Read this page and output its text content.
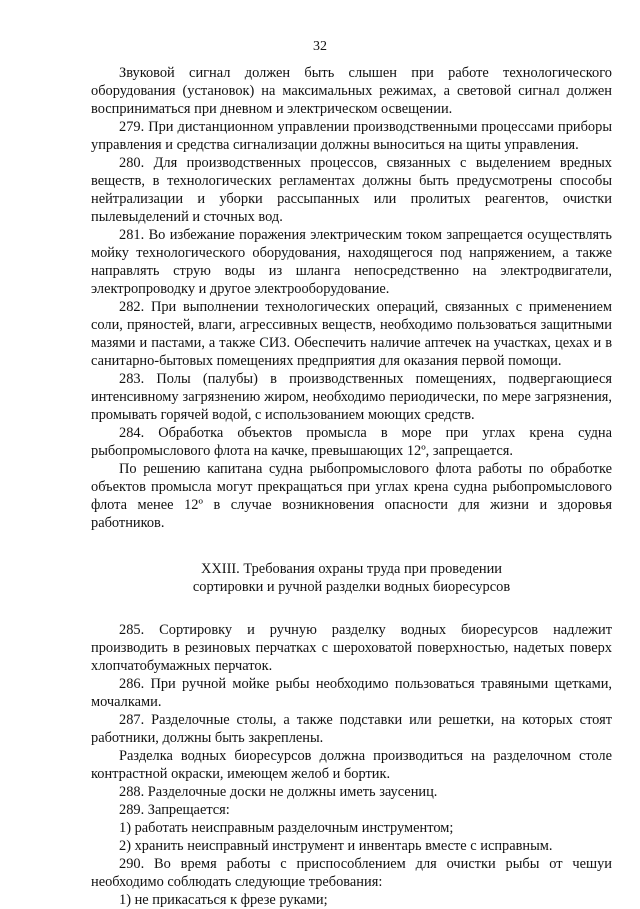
32

Звуковой сигнал должен быть слышен при работе технологического оборудования (установок) на максимальных режимах, а световой сигнал должен восприниматься при дневном и электрическом освещении.

279. При дистанционном управлении производственными процессами приборы управления и средства сигнализации должны выноситься на щиты управления.

280. Для производственных процессов, связанных с выделением вредных веществ, в технологических регламентах должны быть предусмотрены способы нейтрализации и уборки рассыпанных или пролитых реагентов, очистки пылевыделений и сточных вод.

281. Во избежание поражения электрическим током запрещается осуществлять мойку технологического оборудования, находящегося под напряжением, а также направлять струю воды из шланга непосредственно на электродвигатели, электропроводку и другое электрооборудование.

282. При выполнении технологических операций, связанных с применением соли, пряностей, влаги, агрессивных веществ, необходимо пользоваться защитными мазями и пастами, а также СИЗ. Обеспечить наличие аптечек на участках, цехах и в санитарно-бытовых помещениях предприятия для оказания первой помощи.

283. Полы (палубы) в производственных помещениях, подвергающиеся интенсивному загрязнению жиром, необходимо периодически, по мере загрязнения, промывать горячей водой, с использованием моющих средств.

284. Обработка объектов промысла в море при углах крена судна рыбопромыслового флота на качке, превышающих 12º, запрещается.

По решению капитана судна рыбопромыслового флота работы по обработке объектов промысла могут прекращаться при углах крена судна рыбопромыслового флота менее 12º в случае возникновения опасности для жизни и здоровья работников.

XXIII. Требования охраны труда при проведении
сортировки и ручной разделки водных биоресурсов

285. Сортировку и ручную разделку водных биоресурсов надлежит производить в резиновых перчатках с шероховатой поверхностью, надетых поверх хлопчатобумажных перчаток.

286. При ручной мойке рыбы необходимо пользоваться травяными щетками, мочалками.

287. Разделочные столы, а также подставки или решетки, на которых стоят работники, должны быть закреплены.

Разделка водных биоресурсов должна производиться на разделочном столе контрастной окраски, имеющем желоб и бортик.

288. Разделочные доски не должны иметь заусениц.

289. Запрещается:

1) работать неисправным разделочным инструментом;

2) хранить неисправный инструмент и инвентарь вместе с исправным.

290. Во время работы с приспособлением для очистки рыбы от чешуи необходимо соблюдать следующие требования:

1) не прикасаться к фрезе руками;
